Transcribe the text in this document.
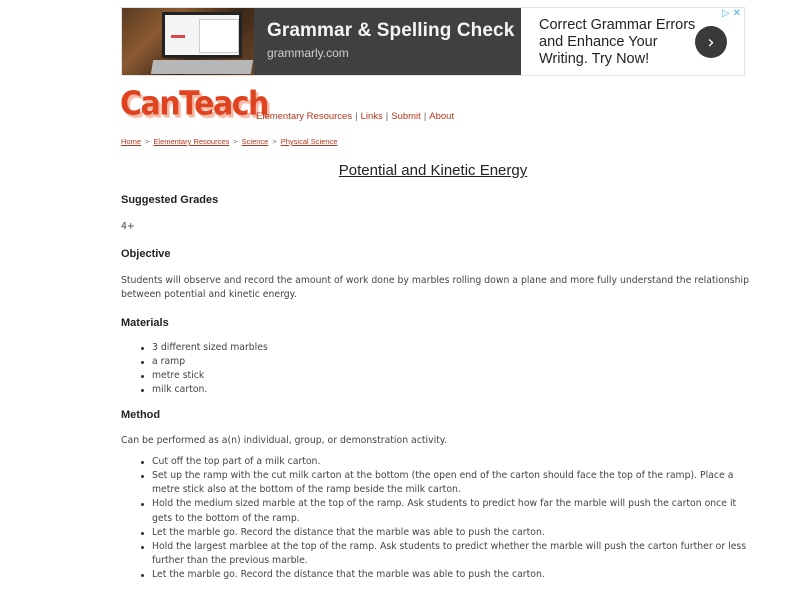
Grammar & Spelling Check
grammarly.com
Correct Grammar Errors and Enhance Your Writing. Try Now!
›
▷ ✕
CanTeach
Elementary Resources | Links | Submit | About
Home > Elementary Resources > Science > Physical Science
Potential and Kinetic Energy
Suggested Grades
4+
Objective
Students will observe and record the amount of work done by marbles rolling down a plane and more fully understand the relationship between potential and kinetic energy.
Materials
3 different sized marbles
a ramp
metre stick
milk carton.
Method
Can be performed as a(n) individual, group, or demonstration activity.
Cut off the top part of a milk carton.
Set up the ramp with the cut milk carton at the bottom (the open end of the carton should face the top of the ramp). Place a metre stick also at the bottom of the ramp beside the milk carton.
Hold the medium sized marble at the top of the ramp. Ask students to predict how far the marble will push the carton once it gets to the bottom of the ramp.
Let the marble go. Record the distance that the marble was able to push the carton.
Hold the largest marblee at the top of the ramp. Ask students to predict whether the marble will push the carton further or less further than the previous marble.
Let the marble go. Record the distance that the marble was able to push the carton.
